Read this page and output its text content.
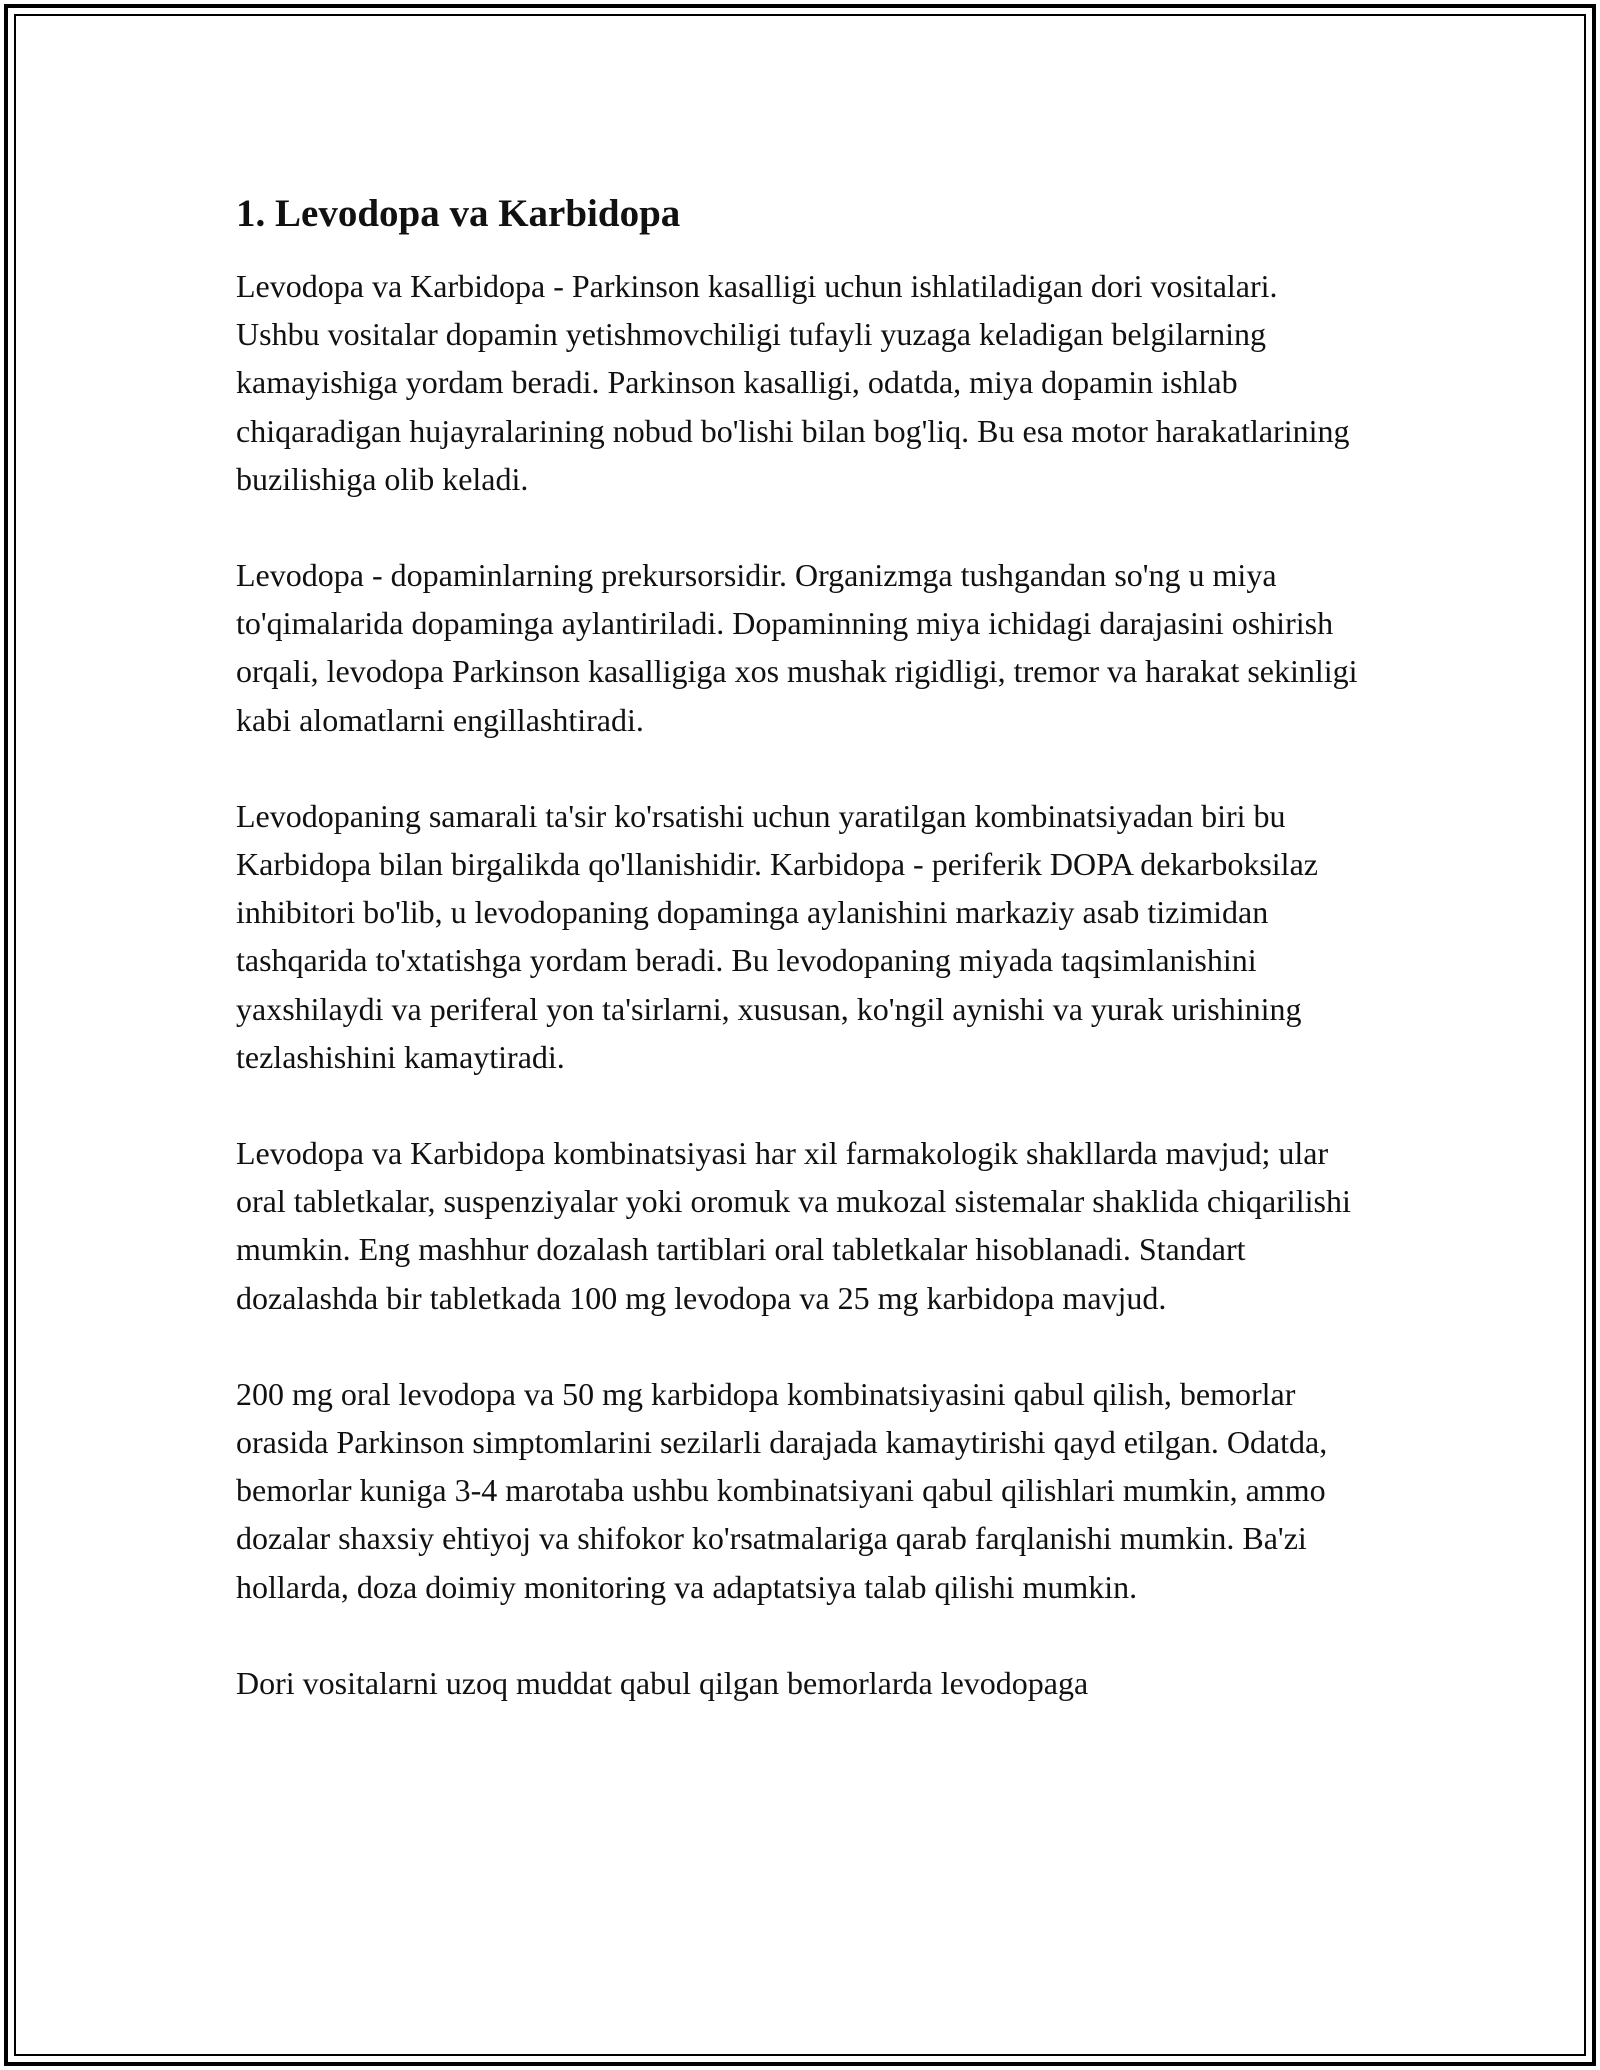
1. Levodopa va Karbidopa

Levodopa va Karbidopa - Parkinson kasalligi uchun ishlatiladigan dori vositalari. Ushbu vositalar dopamin yetishmovchiligi tufayli yuzaga keladigan belgilarning kamayishiga yordam beradi. Parkinson kasalligi, odatda, miya dopamin ishlab chiqaradigan hujayralarining nobud bo'lishi bilan bog'liq. Bu esa motor harakatlarining buzilishiga olib keladi.

Levodopa - dopaminlarning prekursorsidir. Organizmga tushgandan so'ng u miya to'qimalarida dopaminga aylantiriladi. Dopaminning miya ichidagi darajasini oshirish orqali, levodopa Parkinson kasalligiga xos mushak rigidligi, tremor va harakat sekinligi kabi alomatlarni engillashtiradi.

Levodopaning samarali ta'sir ko'rsatishi uchun yaratilgan kombinatsiyadan biri bu Karbidopa bilan birgalikda qo'llanishidir. Karbidopa - periferik DOPA dekarboksilaz inhibitori bo'lib, u levodopaning dopaminga aylanishini markaziy asab tizimidan tashqarida to'xtatishga yordam beradi. Bu levodopaning miyada taqsimlanishini yaxshilaydi va periferal yon ta'sirlarni, xususan, ko'ngil aynishi va yurak urishining tezlashishini kamaytiradi.

Levodopa va Karbidopa kombinatsiyasi har xil farmakologik shakllarda mavjud; ular oral tabletkalar, suspenziyalar yoki oromuk va mukozal sistemalar shaklida chiqarilishi mumkin. Eng mashhur dozalash tartiblari oral tabletkalar hisoblanadi. Standart dozalashda bir tabletkada 100 mg levodopa va 25 mg karbidopa mavjud.

200 mg oral levodopa va 50 mg karbidopa kombinatsiyasini qabul qilish, bemorlar orasida Parkinson simptomlarini sezilarli darajada kamaytirishi qayd etilgan. Odatda, bemorlar kuniga 3-4 marotaba ushbu kombinatsiyani qabul qilishlari mumkin, ammo dozalar shaxsiy ehtiyoj va shifokor ko'rsatmalariga qarab farqlanishi mumkin. Ba'zi hollarda, doza doimiy monitoring va adaptatsiya talab qilishi mumkin.

Dori vositalarni uzoq muddat qabul qilgan bemorlarda levodopaga
